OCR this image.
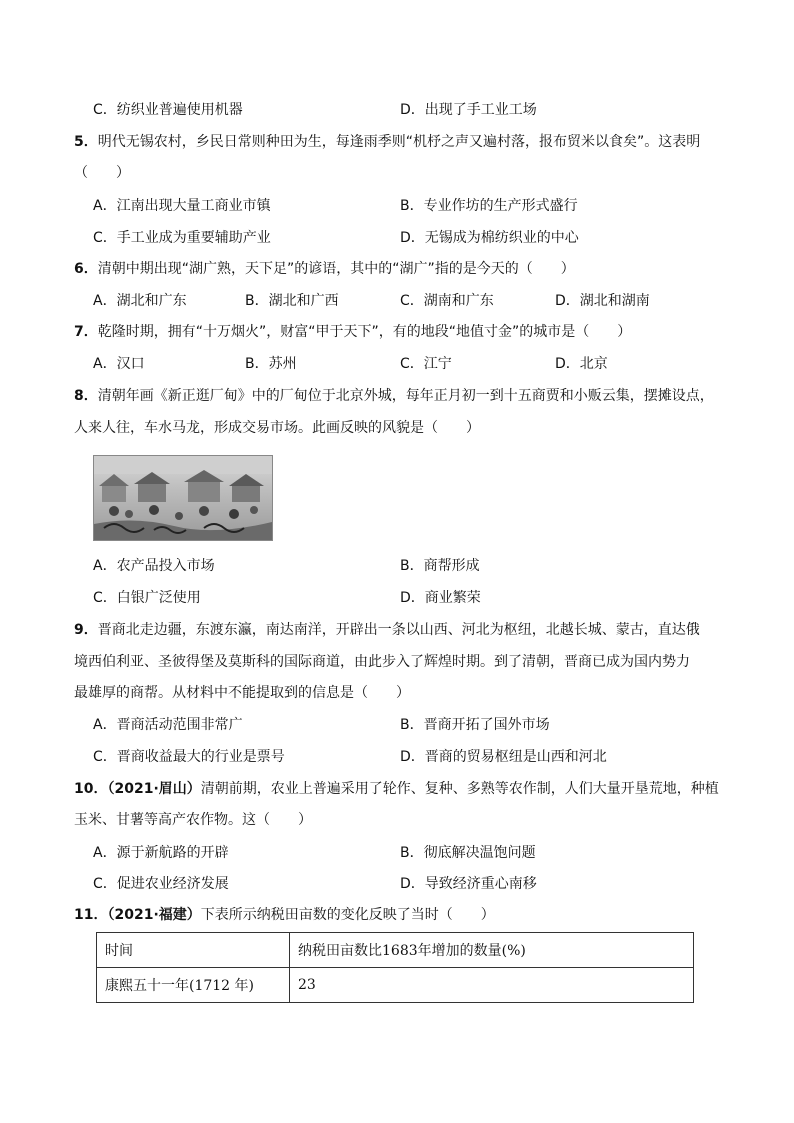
C．纺织业普遍使用机器	D．出现了手工业工场
5．明代无锡农村，乡民日常则种田为生，每逢雨季则“机杼之声又遍村落，报布贸米以食矣”。这表明
（　　）
A．江南出现大量工商业市镇	B．专业作坊的生产形式盛行
C．手工业成为重要辅助产业	D．无锡成为棉纺织业的中心
6．清朝中期出现“湖广熟，天下足”的谚语，其中的“湖广”指的是今天的（　　）
A．湖北和广东	B．湖北和广西	C．湖南和广东	D．湖北和湖南
7．乾隆时期，拥有“十万烟火”，财富“甲于天下”，有的地段“地值寸金”的城市是（　　）
A．汉口	B．苏州	C．江宁	D．北京
8．清朝年画《新正逛厂甸》中的厂甸位于北京外城，每年正月初一到十五商贾和小贩云集，摆摊设点，
人来人往，车水马龙，形成交易市场。此画反映的风貌是（　　）
A．农产品投入市场	B．商帮形成
C．白银广泛使用	D．商业繁荣
9．晋商北走边疆，东渡东瀛，南达南洋，开辟出一条以山西、河北为枢纽，北越长城、蒙古，直达俄
境西伯利亚、圣彼得堡及莫斯科的国际商道，由此步入了辉煌时期。到了清朝，晋商已成为国内势力
最雄厚的商帮。从材料中不能提取到的信息是（　　）
A．晋商活动范围非常广	B．晋商开拓了国外市场
C．晋商收益最大的行业是票号	D．晋商的贸易枢纽是山西和河北
10．（2021·眉山）清朝前期，农业上普遍采用了轮作、复种、多熟等农作制，人们大量开垦荒地，种植
玉米、甘薯等高产农作物。这（　　）
A．源于新航路的开辟	B．彻底解决温饱问题
C．促进农业经济发展	D．导致经济重心南移
11．（2021·福建）下表所示纳税田亩数的变化反映了当时（　　）
时间	纳税田亩数比1683年增加的数量(%)
康熙五十一年(1712 年)	23
